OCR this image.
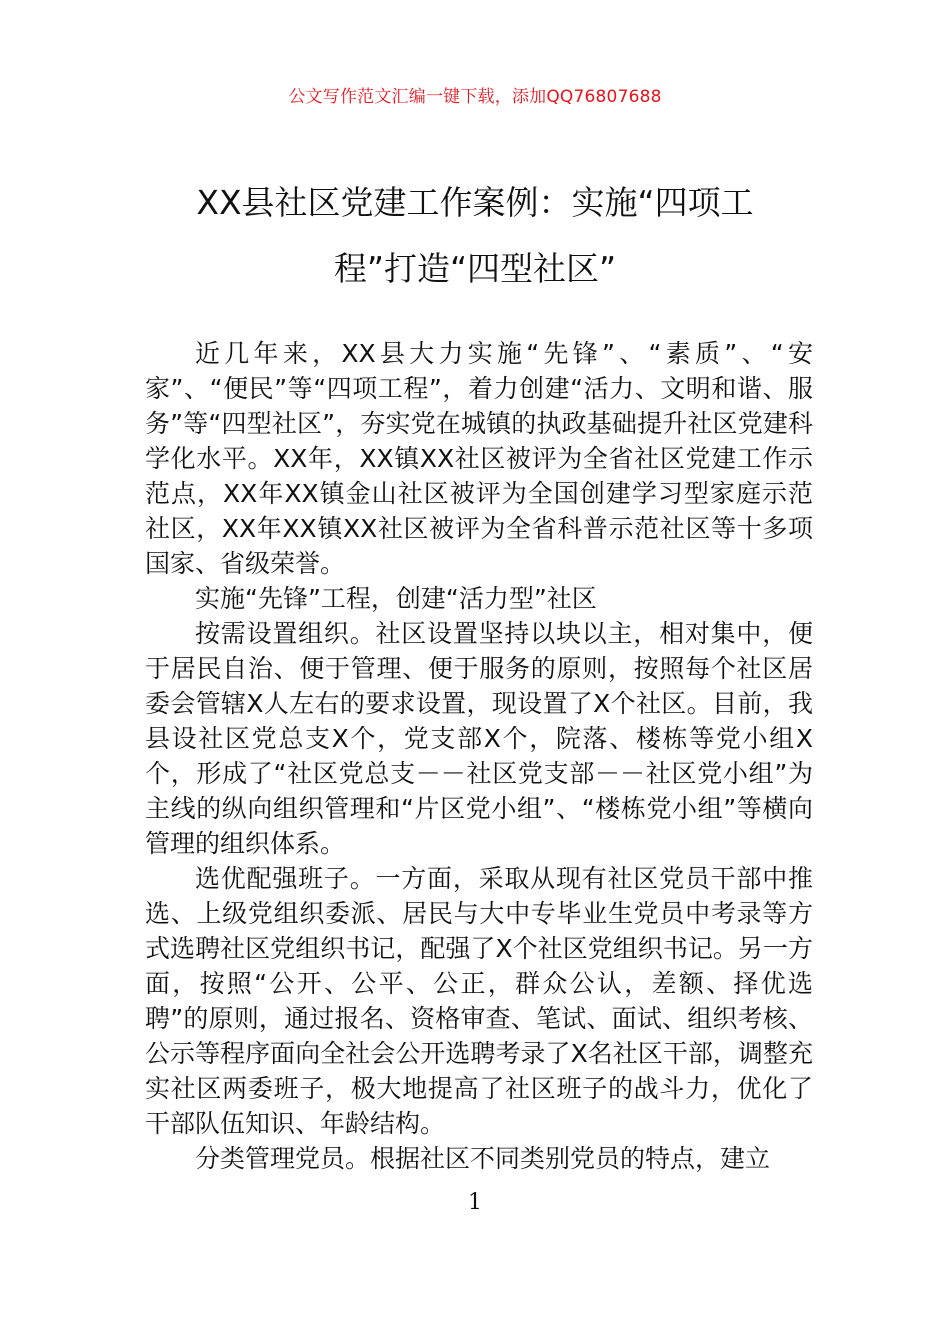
公文写作范文汇编一键下载，添加QQ76807688
XX县社区党建工作案例：实施“四项工
程”打造“四型社区”

近几年来，XX县大力实施“先锋”、“素质”、“安家”、“便民”等“四项工程”，着力创建“活力、文明和谐、服务”等“四型社区”，夯实党在城镇的执政基础提升社区党建科学化水平。XX年，XX镇XX社区被评为全省社区党建工作示范点，XX年XX镇金山社区被评为全国创建学习型家庭示范社区，XX年XX镇XX社区被评为全省科普示范社区等十多项国家、省级荣誉。

实施“先锋”工程，创建“活力型”社区

按需设置组织。社区设置坚持以块以主，相对集中，便于居民自治、便于管理、便于服务的原则，按照每个社区居委会管辖X人左右的要求设置，现设置了X个社区。目前，我县设社区党总支X个，党支部X个，院落、楼栋等党小组X个，形成了“社区党总支－－社区党支部－－社区党小组”为主线的纵向组织管理和“片区党小组”、“楼栋党小组”等横向管理的组织体系。

选优配强班子。一方面，采取从现有社区党员干部中推选、上级党组织委派、居民与大中专毕业生党员中考录等方式选聘社区党组织书记，配强了X个社区党组织书记。另一方面，按照“公开、公平、公正，群众公认，差额、择优选聘”的原则，通过报名、资格审查、笔试、面试、组织考核、公示等程序面向全社会公开选聘考录了X名社区干部，调整充实社区两委班子，极大地提高了社区班子的战斗力，优化了干部队伍知识、年龄结构。

分类管理党员。根据社区不同类别党员的特点，建立

1
